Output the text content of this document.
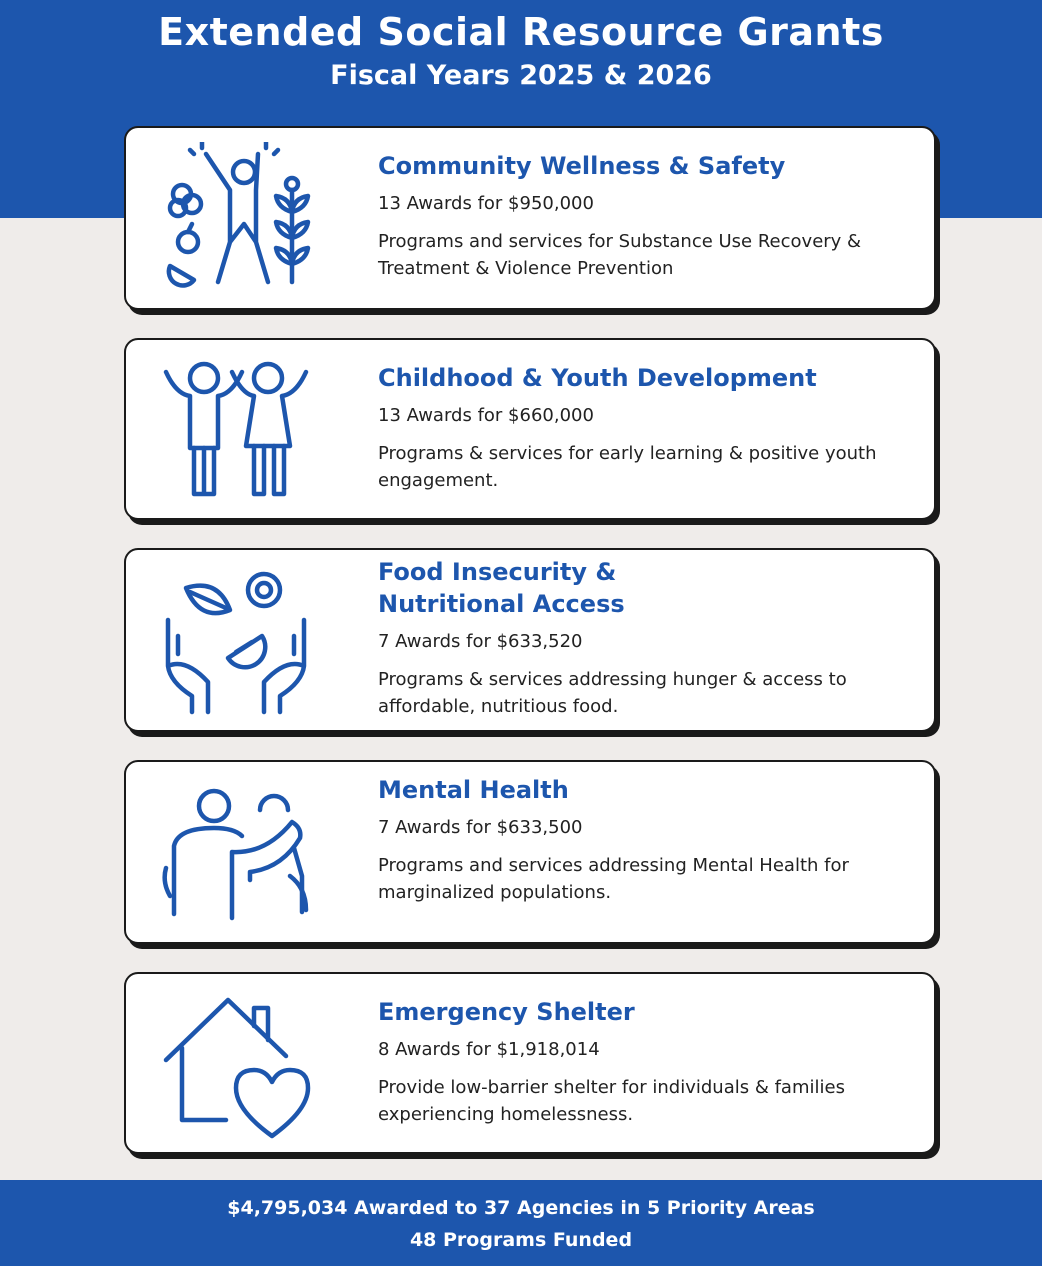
Extended Social Resource Grants
Fiscal Years 2025 & 2026
Community Wellness & Safety

13 Awards for $950,000

Programs and services for Substance Use Recovery & Treatment & Violence Prevention

Childhood & Youth Development

13 Awards for $660,000

Programs & services for early learning & positive youth engagement.

Food Insecurity &
Nutritional Access

7 Awards for $633,520

Programs & services addressing hunger & access to affordable, nutritious food.

Mental Health

7 Awards for $633,500

Programs and services addressing Mental Health for marginalized populations.

Emergency Shelter

8 Awards for $1,918,014

Provide low-barrier shelter for individuals & families experiencing homelessness.

$4,795,034 Awarded to 37 Agencies in 5 Priority Areas
48 Programs Funded
